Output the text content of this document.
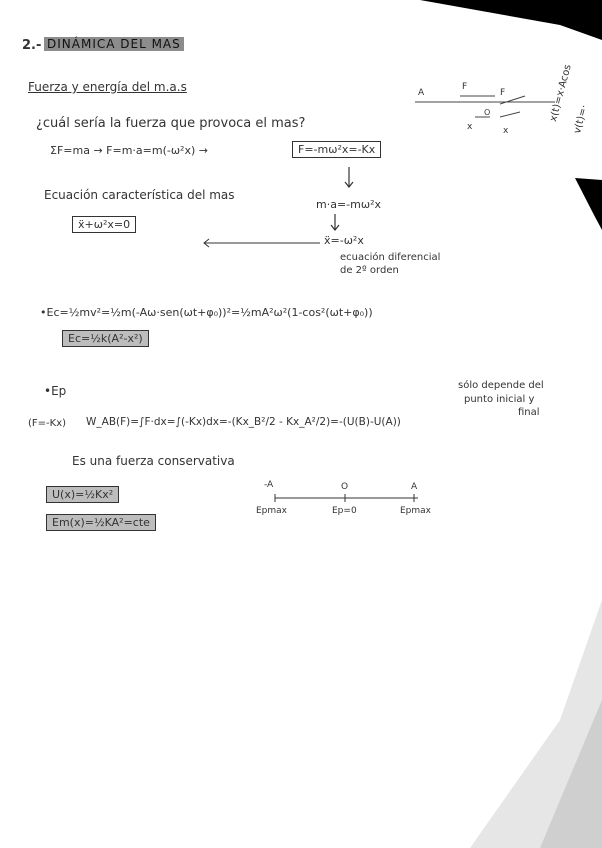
2.- DINÁMICA DEL MAS
Fuerza y energía del m.a.s	A
F
F
O
x	x
x(t)=x·Acos
v(t)=·
¿cuál sería la fuerza que provoca el mas?
ΣF=ma → F=m·a=m(-ω²x) →	F=-mω²x=-Kx
Ecuación característica del mas
m·a=-mω²x
ẍ+ω²x=0
ẍ=-ω²x
ecuación diferencial
de 2º orden
•Ec=½mv²=½m(-Aω·sen(ωt+φ₀))²=½mA²ω²(1-cos²(ωt+φ₀))
Ec=½k(A²-x²)
•Ep	sólo depende del
punto inicial y
final
(F=-Kx) W_AB(F)=∫F·dx=∫(-Kx)dx=-(Kx_B²/2 - Kx_A²/2)=-(U(B)-U(A))
Es una fuerza conservativa
U(x)=½Kx²
Em(x)=½KA²=cte
-A	O	A
Epmax	Ep=0	Epmax
